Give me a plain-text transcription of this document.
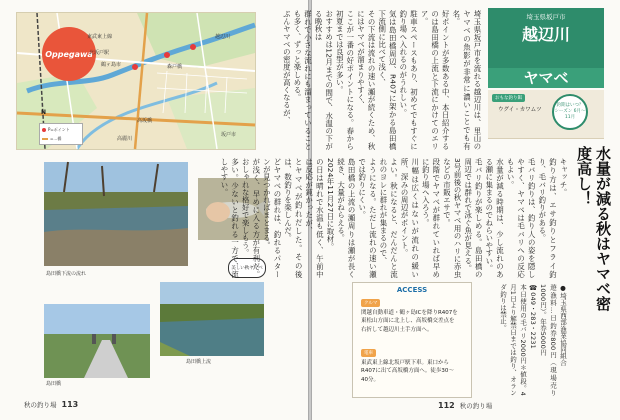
Oppegawa
東武東上線
北坂戸駅
鶴ヶ島市
越辺川
高坂橋
森戸橋
高麗川
坂戸市
N
P=ポイント
=…橋
島田橋下流の流れ
美しい秋ヤマベ
島田橋
島田橋上流
秋の釣り場 113

埼玉県坂戸市を流れる越辺川は、里山のヤマベの魚影が非常に濃いことでも有名。

好ポイントが多数ある中、本日紹介するのは島田橋の上流と下流にかけてのエリア。

駐車スペースもあり、初めてでもすぐに釣り場へ入れるのがうれしい。

気は島田橋周辺、R407に架かる島田橋下流側に比べて浅く、

その下流は流れの速い瀬が続くため、秋にはヤマベが溜まりやすく、

ここが一番の好ポイントになる。春から初夏までは良型が多い。

おすすめは12月までの間で、水温の下がる晩秋は

群れで小さな流れにも溜まっていることも多く、ずっと楽しめる。

ぶんヤマベの密度が高くなるが、	埼玉県坂戸市
越辺川
ヤマベ
おもな釣り餌
ウグイ・カワムツ
釣期はいつ？ シーズン 6月〜11月
水量が減る秋はヤマベ密度高し！

キャッチ。

釣り方は、エサ釣りとフライ釣り、毛バリ釣りがある。

毛バリ釣りは、釣り人の姿を隠しやすく、ヤマベは毛バリへの反応もよい。

水量が減る時期は、少し流れのある瀬に集まるのでねらいやすい。

毛バリ釣りが楽しめる。島田橋の周辺では群れで泳ぐ魚が見える。

3号前後の秋ヤマベ用のハリに赤虫などの市販エサで。

段階でヤマベが群れていれば早めに釣り場へ入ろう。

川幅は広くはないが流れの緩い所、深みの周辺がポイント。

よい。秋になると、だんだんと流れのヨレに群れが集まるので、

ようになる。ただし流れの速い瀬では釣りにくい。

島田橋の上流の瀬周りは瀬が長く続き、大量がねらえる。

2024年11月27日に取材。

の日は晴れで水温も低く、午前中は反応が鈍かったが、

とヤマベが釣れだした。その後は、数釣りを楽しんだ。

どヤマベの群れは、釣れるパターンが見つかればまとまる。

が浅く、早めに入る方が有利だ。おしゃれな格好で楽しもう。

多い。少ないと釣れる一方で、流しやすい。

●埼玉県西部漁業協同組合

遊漁料…日釣券800円（現場売り1000円）。年券5000円

☎049・283・2231

本日使用の毛バリ2000円＊値段。4月1日より解禁日までは釣り、オランダ釣りは禁止。

ACCESS
クルマ
関越自動車道・鶴ヶ島ICを降りR407を東松山方面に北上し、高坂橋交差点を右折して越辺川土手方面へ。
電車
東武東上線北坂戸駅下車。東口からR407に出て高坂橋方面へ。徒歩30〜40分。
112 秋の釣り場
